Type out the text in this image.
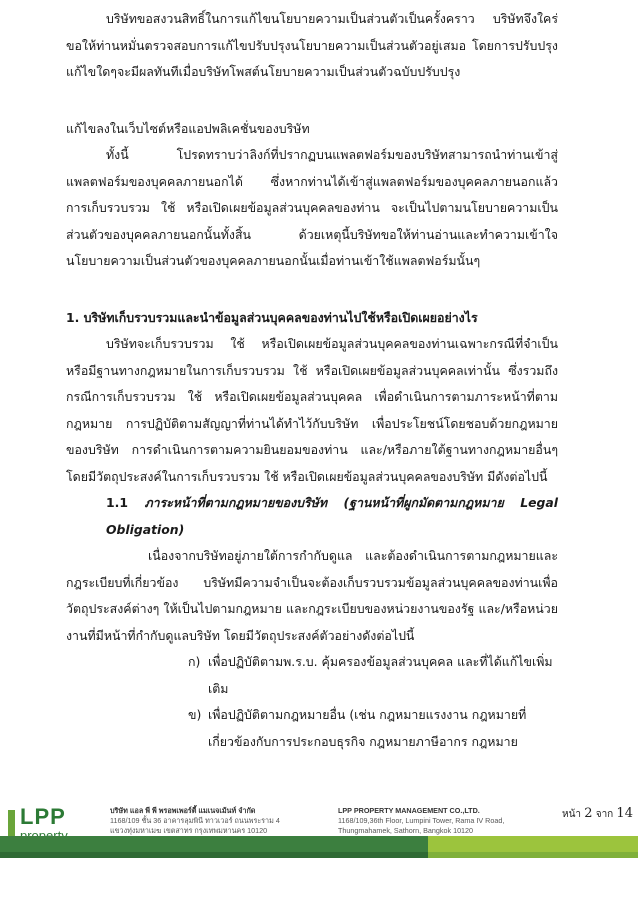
บริษัทขอสงวนสิทธิ์ในการแก้ไขนโยบายความเป็นส่วนตัวเป็นครั้งคราว บริษัทจึงใคร่ขอให้ท่านหมั่นตรวจสอบการแก้ไขปรับปรุงนโยบายความเป็นส่วนตัวอยู่เสมอ โดยการปรับปรุงแก้ไขใดๆจะมีผลทันทีเมื่อบริษัทโพสต์นโยบายความเป็นส่วนตัวฉบับปรับปรุง

แก้ไขลงในเว็บไซต์หรือแอปพลิเคชั่นของบริษัท

ทั้งนี้ โปรดทราบว่าลิงก์ที่ปรากฏบนแพลตฟอร์มของบริษัทสามารถนำท่านเข้าสู่แพลตฟอร์มของบุคคลภายนอกได้ ซึ่งหากท่านได้เข้าสู่แพลตฟอร์มของบุคคลภายนอกแล้ว การเก็บรวบรวม ใช้ หรือเปิดเผยข้อมูลส่วนบุคคลของท่าน จะเป็นไปตามนโยบายความเป็นส่วนตัวของบุคคลภายนอกนั้นทั้งสิ้น ด้วยเหตุนี้บริษัทขอให้ท่านอ่านและทำความเข้าใจนโยบายความเป็นส่วนตัวของบุคคลภายนอกนั้นเมื่อท่านเข้าใช้แพลตฟอร์มนั้นๆ

1. บริษัทเก็บรวบรวมและนำข้อมูลส่วนบุคคลของท่านไปใช้หรือเปิดเผยอย่างไร

บริษัทจะเก็บรวบรวม ใช้ หรือเปิดเผยข้อมูลส่วนบุคคลของท่านเฉพาะกรณีที่จำเป็น หรือมีฐานทางกฎหมายในการเก็บรวบรวม ใช้ หรือเปิดเผยข้อมูลส่วนบุคคลเท่านั้น ซึ่งรวมถึงกรณีการเก็บรวบรวม ใช้ หรือเปิดเผยข้อมูลส่วนบุคคล เพื่อดำเนินการตามภาระหน้าที่ตามกฎหมาย การปฏิบัติตามสัญญาที่ท่านได้ทำไว้กับบริษัท เพื่อประโยชน์โดยชอบด้วยกฎหมายของบริษัท การดำเนินการตามความยินยอมของท่าน และ/หรือภายใต้ฐานทางกฎหมายอื่นๆ โดยมีวัตถุประสงค์ในการเก็บรวบรวม ใช้ หรือเปิดเผยข้อมูลส่วนบุคคลของบริษัท มีดังต่อไปนี้

1.1 ภาระหน้าที่ตามกฎหมายของบริษัท (ฐานหน้าที่ผูกมัดตามกฎหมาย Legal Obligation)

เนื่องจากบริษัทอยู่ภายใต้การกำกับดูแล และต้องดำเนินการตามกฎหมายและกฎระเบียบที่เกี่ยวข้อง บริษัทมีความจำเป็นจะต้องเก็บรวบรวมข้อมูลส่วนบุคคลของท่านเพื่อวัตถุประสงค์ต่างๆ ให้เป็นไปตามกฎหมาย และกฎระเบียบของหน่วยงานของรัฐ และ/หรือหน่วยงานที่มีหน้าที่กำกับดูแลบริษัท โดยมีวัตถุประสงค์ตัวอย่างดังต่อไปนี้

ก) เพื่อปฏิบัติตามพ.ร.บ. คุ้มครองข้อมูลส่วนบุคคล และที่ได้แก้ไขเพิ่มเติม
ข) เพื่อปฏิบัติตามกฎหมายอื่น (เช่น กฎหมายแรงงาน กฎหมายที่เกี่ยวข้องกับการประกอบธุรกิจ กฎหมายภาษีอากร กฎหมาย
LPP	บริษัท แอล พี พี พรอพเพอร์ตี้ แมเนจเม้นท์ จำกัด
1168/109 ชั้น 36 อาคารลุมพินี ทาวเวอร์ ถนนพระราม 4
แขวงทุ่งมหาเมฆ เขตสาทร กรุงเทพมหานคร 10120
LPP PROPERTY MANAGEMENT CO.,LTD.
1168/109,36th Floor, Lumpini Tower, Rama IV Road,
Thungmahamek, Sathorn, Bangkok 10120
หน้า 2 จาก 14
